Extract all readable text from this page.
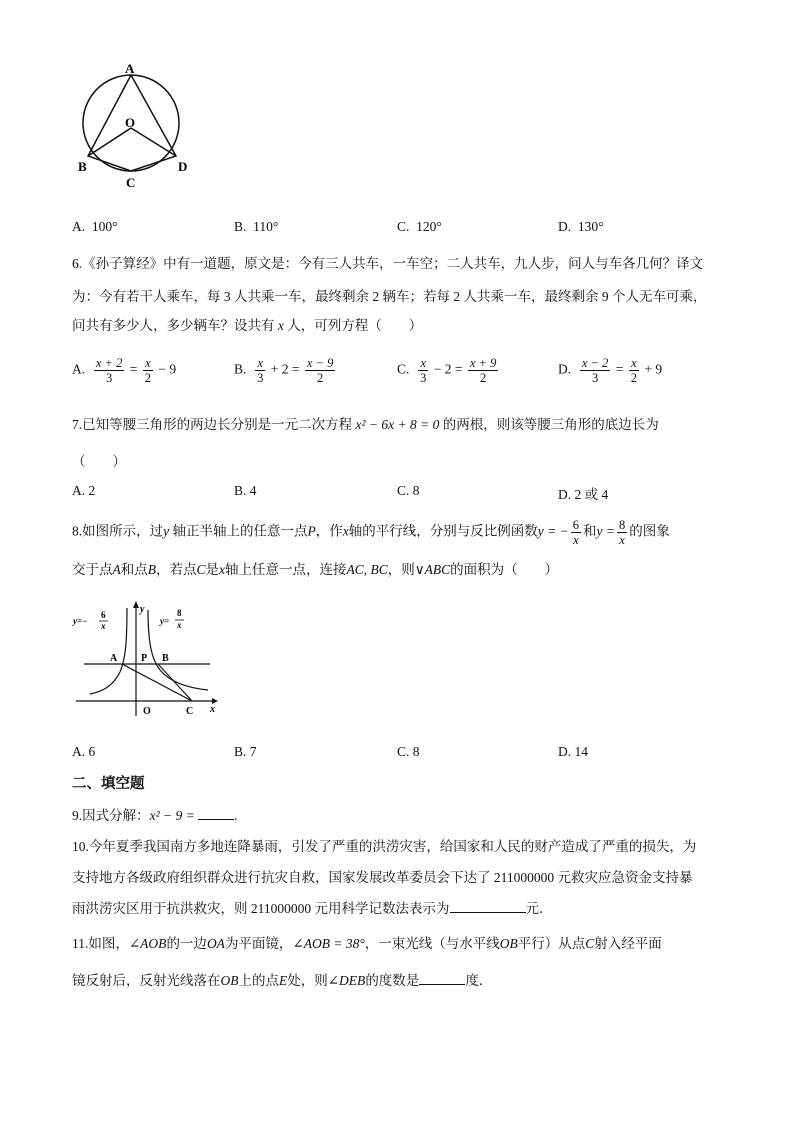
A
O
B
C
D
A. 100°	B. 110°	C. 120°	D. 130°
6.《孙子算经》中有一道题，原文是：今有三人共车，一车空；二人共车，九人步，问人与车各几何？译文
为：今有若干人乘车，每 3 人共乘一车，最终剩余 2 辆车；若每 2 人共乘一车，最终剩余 9 个人无车可乘，
问共有多少人，多少辆车？设共有 x 人，可列方程（　　）
A. $\frac{x + 2}{3} = \frac{x}{2} - 9$	B. $\frac{x}{3} + 2 = \frac{x - 9}{2}$	C. $\frac{x}{3} - 2 = \frac{x + 9}{2}$	D. $\frac{x - 2}{3} = \frac{x}{2} + 9$
7.已知等腰三角形的两边长分别是一元二次方程 x² − 6x + 8 = 0 的两根，则该等腰三角形的底边长为
（　　）
A. 2	B. 4	C. 8	D. 2 或 4
8.如图所示，过y 轴正半轴上的任意一点P，作x轴的平行线，分别与反比例函数y = − $\frac{6}{x}$ 和$y = \frac{8}{x}$ 的图象
交于点A和点B，若点C是x轴上任意一点，连接AC, BC，则∨ABC的面积为（　　）
y=−
6
x	y=
8
x
y
x
A P B
O	C
A. 6	B. 7	C. 8	D. 14
二、填空题
9.因式分解：x² − 9 =	.
10.今年夏季我国南方多地连降暴雨，引发了严重的洪涝灾害，给国家和人民的财产造成了严重的损失，为
支持地方各级政府组织群众进行抗灾自救，国家发展改革委员会下达了 211000000 元救灾应急资金支持暴
雨洪涝灾区用于抗洪救灾，则 211000000 元用科学记数法表示为	元．
11.如图，∠AOB的一边OA为平面镜，∠AOB = 38°，一束光线（与水平线OB平行）从点C射入经平面
镜反射后，反射光线落在OB上的点E处，则∠DEB的度数是	度．
